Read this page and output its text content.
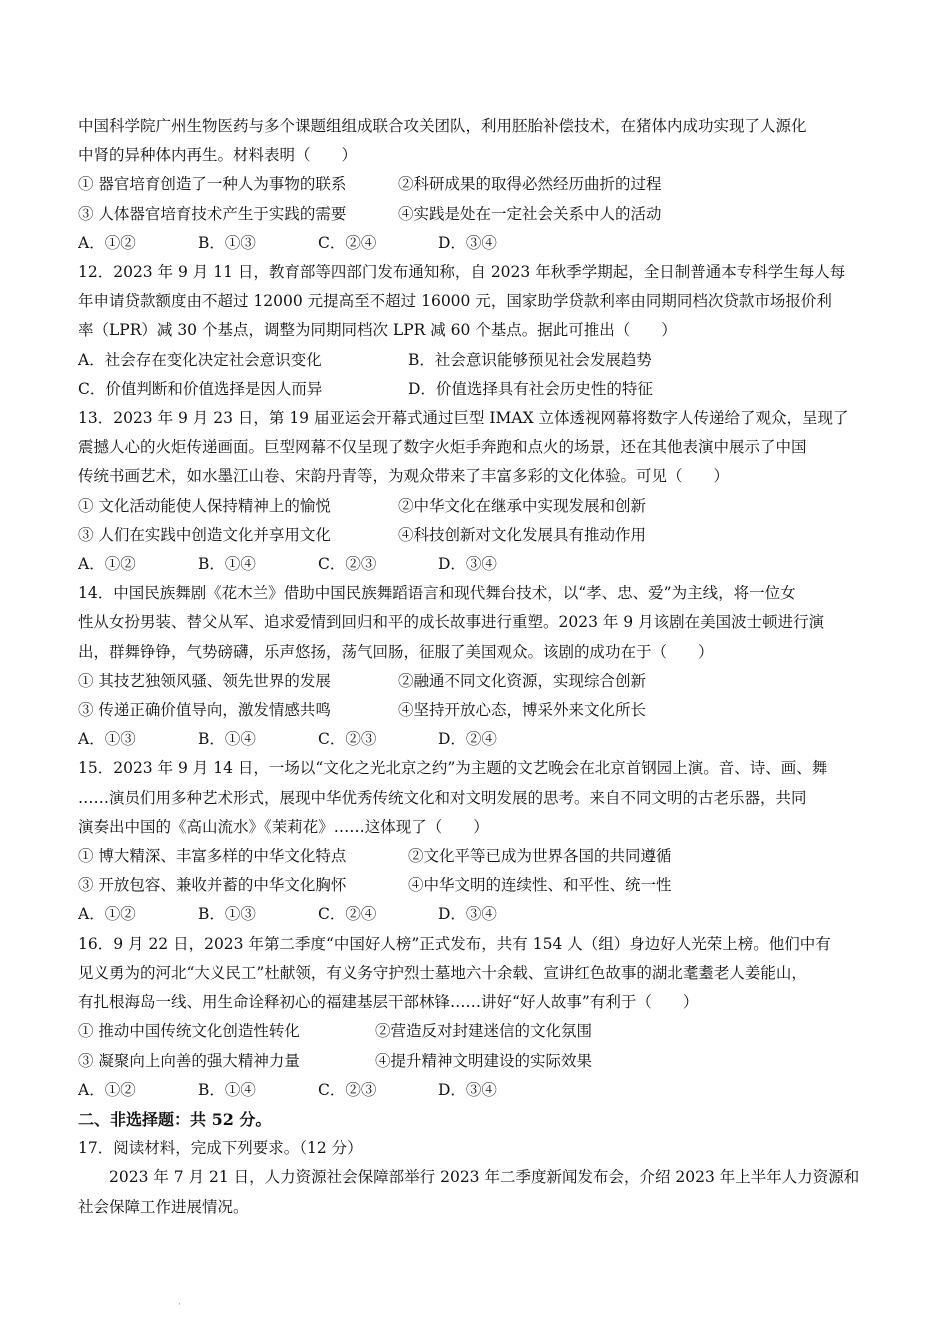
中国科学院广州生物医药与多个课题组组成联合攻关团队，利用胚胎补偿技术，在猪体内成功实现了人源化
中肾的异种体内再生。材料表明（　　）
① 器官培育创造了一种人为事物的联系	②科研成果的取得必然经历曲折的过程
③ 人体器官培育技术产生于实践的需要	④实践是处在一定社会关系中人的活动
A．①②	B．①③	C．②④	D．③④
12．2023 年 9 月 11 日，教育部等四部门发布通知称，自 2023 年秋季学期起，全日制普通本专科学生每人每
年申请贷款额度由不超过 12000 元提高至不超过 16000 元，国家助学贷款利率由同期同档次贷款市场报价利
率（LPR）减 30 个基点，调整为同期同档次 LPR 减 60 个基点。据此可推出（　　）
A．社会存在变化决定社会意识变化	B．社会意识能够预见社会发展趋势
C．价值判断和价值选择是因人而异	D．价值选择具有社会历史性的特征
13．2023 年 9 月 23 日，第 19 届亚运会开幕式通过巨型 IMAX 立体透视网幕将数字人传递给了观众，呈现了
震撼人心的火炬传递画面。巨型网幕不仅呈现了数字火炬手奔跑和点火的场景，还在其他表演中展示了中国
传统书画艺术，如水墨江山卷、宋韵丹青等，为观众带来了丰富多彩的文化体验。可见（　　）
① 文化活动能使人保持精神上的愉悦	②中华文化在继承中实现发展和创新
③ 人们在实践中创造文化并享用文化	④科技创新对文化发展具有推动作用
A．①②	B．①④	C．②③	D．③④
14．中国民族舞剧《花木兰》借助中国民族舞蹈语言和现代舞台技术，以“孝、忠、爱”为主线，将一位女
性从女扮男装、替父从军、追求爱情到回归和平的成长故事进行重塑。2023 年 9 月该剧在美国波士顿进行演
出，群舞铮铮，气势磅礴，乐声悠扬，荡气回肠，征服了美国观众。该剧的成功在于（　　）
① 其技艺独领风骚、领先世界的发展	②融通不同文化资源，实现综合创新
③ 传递正确价值导向，激发情感共鸣	④坚持开放心态，博采外来文化所长
A．①③	B．①④	C．②③	D．②④
15．2023 年 9 月 14 日，一场以“文化之光北京之约”为主题的文艺晚会在北京首钢园上演。音、诗、画、舞
……演员们用多种艺术形式，展现中华优秀传统文化和对文明发展的思考。来自不同文明的古老乐器，共同
演奏出中国的《高山流水》《茉莉花》……这体现了（　　）
① 博大精深、丰富多样的中华文化特点	②文化平等已成为世界各国的共同遵循
③ 开放包容、兼收并蓄的中华文化胸怀	④中华文明的连续性、和平性、统一性
A．①②	B．①③	C．②④	D．③④
16．9 月 22 日，2023 年第二季度“中国好人榜”正式发布，共有 154 人（组）身边好人光荣上榜。他们中有
见义勇为的河北“大义民工”杜献领，有义务守护烈士墓地六十余载、宣讲红色故事的湖北耄耋老人姜能山，
有扎根海岛一线、用生命诠释初心的福建基层干部林锋……讲好“好人故事”有利于（　　）
① 推动中国传统文化创造性转化	②营造反对封建迷信的文化氛围
③ 凝聚向上向善的强大精神力量	④提升精神文明建设的实际效果
A．①②	B．①④	C．②③	D．③④
二、非选择题：共 52 分。
17．阅读材料，完成下列要求。（12 分）
2023 年 7 月 21 日，人力资源社会保障部举行 2023 年二季度新闻发布会，介绍 2023 年上半年人力资源和
社会保障工作进展情况。
·
